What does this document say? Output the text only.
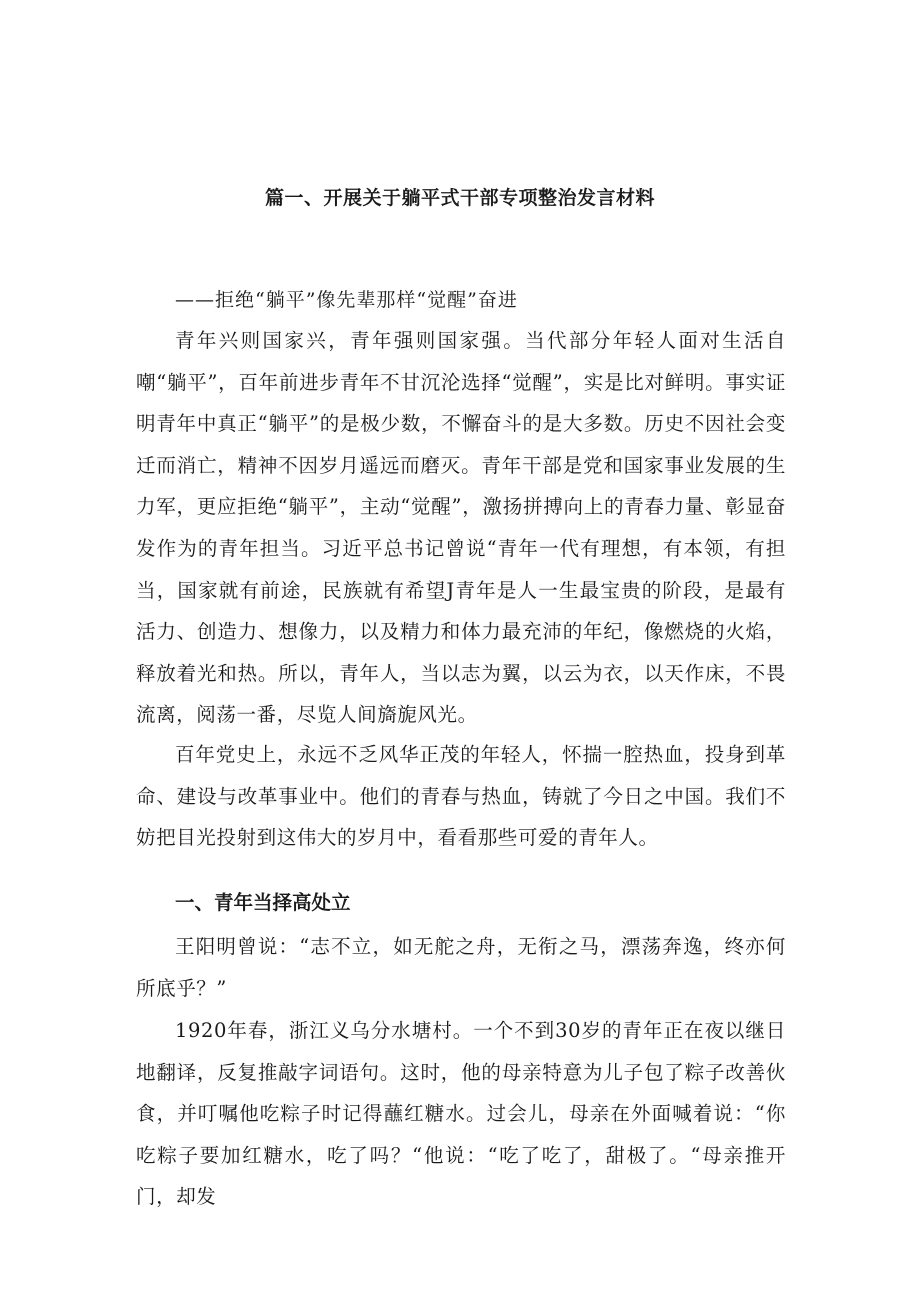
篇一、开展关于躺平式干部专项整治发言材料
——拒绝“躺平”像先辈那样“觉醒”奋进

青年兴则国家兴，青年强则国家强。当代部分年轻人面对生活自嘲“躺平”，百年前进步青年不甘沉沦选择“觉醒”，实是比对鲜明。事实证明青年中真正“躺平”的是极少数，不懈奋斗的是大多数。历史不因社会变迁而消亡，精神不因岁月遥远而磨灭。青年干部是党和国家事业发展的生力军，更应拒绝“躺平”，主动“觉醒”，激扬拼搏向上的青春力量、彰显奋发作为的青年担当。习近平总书记曾说“青年一代有理想，有本领，有担当，国家就有前途，民族就有希望J青年是人一生最宝贵的阶段，是最有活力、创造力、想像力，以及精力和体力最充沛的年纪，像燃烧的火焰，释放着光和热。所以，青年人，当以志为翼，以云为衣，以天作床，不畏流离，阅荡一番，尽览人间旖旎风光。

百年党史上，永远不乏风华正茂的年轻人，怀揣一腔热血，投身到革命、建设与改革事业中。他们的青春与热血，铸就了今日之中国。我们不妨把目光投射到这伟大的岁月中，看看那些可爱的青年人。

一、青年当择高处立

王阳明曾说：“志不立，如无舵之舟，无衔之马，漂荡奔逸，终亦何所底乎？”

1920年春，浙江义乌分水塘村。一个不到30岁的青年正在夜以继日地翻译，反复推敲字词语句。这时，他的母亲特意为儿子包了粽子改善伙食，并叮嘱他吃粽子时记得蘸红糖水。过会儿，母亲在外面喊着说：“你吃粽子要加红糖水，吃了吗？“他说：“吃了吃了，甜极了。“母亲推开门，却发
